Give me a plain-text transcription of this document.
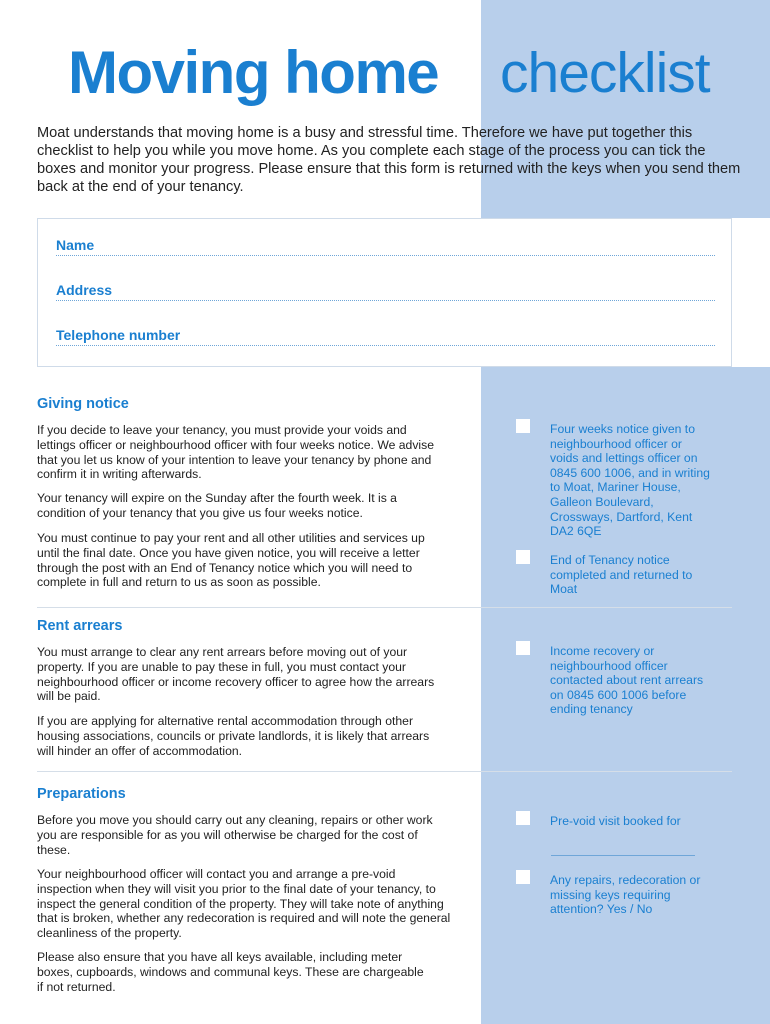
Moving home checklist

Moat understands that moving home is a busy and stressful time. Therefore we have put together this checklist to help you while you move home. As you complete each stage of the process you can tick the boxes and monitor your progress. Please ensure that this form is returned with the keys when you send them back at the end of your tenancy.

Name
Address
Telephone number
Giving notice

If you decide to leave your tenancy, you must provide your voids and lettings officer or neighbourhood officer with four weeks notice. We advise that you let us know of your intention to leave your tenancy by phone and confirm it in writing afterwards.

Your tenancy will expire on the Sunday after the fourth week. It is a condition of your tenancy that you give us four weeks notice.

You must continue to pay your rent and all other utilities and services up until the final date. Once you have given notice, you will receive a letter through the post with an End of Tenancy notice which you will need to complete in full and return to us as soon as possible.

Four weeks notice given to neighbourhood officer or voids and lettings officer on 0845 600 1006, and in writing to Moat, Mariner House, Galleon Boulevard, Crossways, Dartford, Kent DA2 6QE

End of Tenancy notice completed and returned to Moat

Rent arrears

You must arrange to clear any rent arrears before moving out of your property. If you are unable to pay these in full, you must contact your neighbourhood officer or income recovery officer to agree how the arrears will be paid.

If you are applying for alternative rental accommodation through other housing associations, councils or private landlords, it is likely that arrears will hinder an offer of accommodation.

Income recovery or neighbourhood officer contacted about rent arrears on 0845 600 1006 before ending tenancy

Preparations

Before you move you should carry out any cleaning, repairs or other work you are responsible for as you will otherwise be charged for the cost of these.

Your neighbourhood officer will contact you and arrange a pre-void inspection when they will visit you prior to the final date of your tenancy, to inspect the general condition of the property. They will take note of anything that is broken, whether any redecoration is required and will note the general cleanliness of the property.

Please also ensure that you have all keys available, including meter boxes, cupboards, windows and communal keys. These are chargeable if not returned.

Pre-void visit booked for

Any repairs, redecoration or missing keys requiring attention? Yes / No
